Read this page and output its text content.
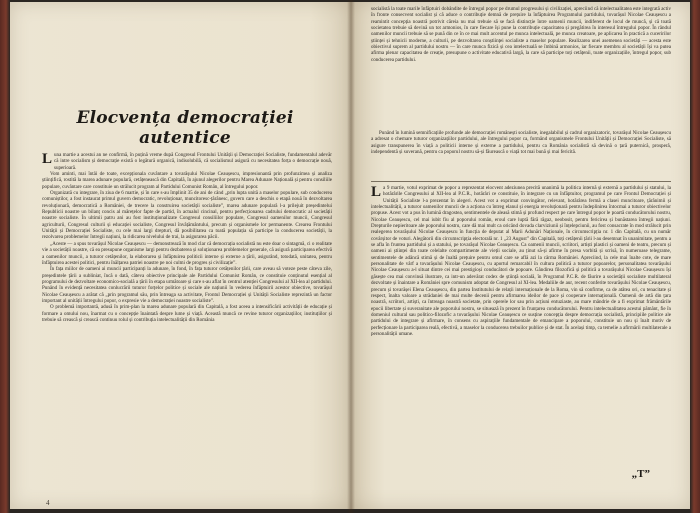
Elocvența democrației autentice

Luna martie a acestui an ne confirmă, în puțină vreme după Congresul Frontului Unității și Democrației Socialiste, fundamentalul adevăr că intre socialism și democrație există o legătură organică, indisolubilă, că socialismul asigură cu necesitatea forța o democrație nouă, superioară.

Vom aminti, mai întâi de toate, excepționala cuvântare a tovarășului Nicolae Ceaușescu, impresionantă prin profunzimea și analiza științifică, rostită la marea adunare populară, cetățenească din Capitală, în ajunul alegerilor pentru Marea Adunare Națională și pentru consiliile populare, cuvântare care constituie un strălucit program al Partidului Comunist Român, al întregului popor.

Organizată cu integrare, în ziua de 6 martie, și în care s-au împlinit 35 de ani de când „prin lupta unită a maselor populare, sub conducerea comuniștilor, a fost instaurat primul guvern democratic, revoluționar, muncitoresc-țărănesc, guvern care a deschis o etapă nouă în dezvoltarea revoluționară, democratică a României, de trecere la construirea societății socialiste”, marea adunare populară l-a prilejuit președintelui Republicii noastre un bilanț concis al mărețelor fapte de partid, în actualul cincinal, pentru perfecționarea cadrului democratic al societății noastre socialiste. În ultimii patru ani au fost instituționalizate Congresul consiliilor populare, Congresul oamenilor muncii, Congresul agriculturii, Congresul culturii și educației socialiste, Congresul învățământului, precum și organismele lor permanente. Crearea Frontului Unității și Democrației Socialiste, cu cele mai largi drepturi, dă posibilitatea ca toată populația să participe la conducerea societății, la rezolvarea problemelor întregii națiuni, la ridicarea nivelului de trai, la asigurarea păcii.

„Aceste — a spus tovarășul Nicolae Ceaușescu — demonstrează în mod clar că democrația socialistă nu este doar o sintagmă, ci o realitate vie a societății noastre, că ea presupune organisme largi pentru dezbaterea și soluționarea problemelor generale, că asigură participarea efectivă a oamenilor muncii, a tuturor cetățenilor, la elaborarea și înfăptuirea politicii interne și externe a țării, asigurând, totodată, unitatea, pentru înfăptuirea acestei politici, pentru înălțarea patriei noastre pe noi culmi de progres și civilizație”.

În fața miilor de oameni ai muncii participanți la adunare, în fond, în fața tuturor cetățenilor țării, care aveau să voteze peste câteva zile, președintele țării a subliniat, încă o dată, câteva obiective principale ale Partidului Comunist Român, ce constituie conținutul esențial al programului de dezvoltare economico-socială a țării în etapa următoare și care s-au aflat în centrul atenției Congresului al XII-lea al partidului. Punând în evidență necesitatea conlucrării tuturor forțelor politice și sociale ale națiunii în vederea înfăptuirii acestor obiective, tovarășul Nicolae Ceaușescu a arătat că „prin programul său, prin întreaga sa activitate, Frontul Democrației și Unității Socialiste reprezintă un factor important al unității întregului popor, o expresie vie a democrației noastre socialiste”.

O problemă importantă, adusă în prim-plan la marea adunare populară din Capitală, a fost aceea a intensificării activității de educație și formare a omului nou, înarmat cu o concepție înaintată despre lume și viață. Această muncă ce revine tuturor organizațiilor, instituțiilor și trebuie să crească și crească continuu rolul și contribuția intelectualității din România

4

socialistă la toate marile înfăptuiri dobândite de întregul popor pe drumul progresului și civilizației, apreciind că intelectualitatea este integrată activ în fronte consecvent socialist și că aduce o contribuție demnă de prețuire la înfăptuirea Programului partidului, tovarășul Nicolae Ceaușescu a reamintit concepția noastră potrivit căreia nu mai trebuie să se facă distincție între oamenii muncii, indiferent de locul de muncă, și că toată societatea trebuie să devină un tot armonios, în care fiecare își pune la contribuție capacitatea și pregătirea în interesul întregului popor. În rândul oamenilor muncii trebuie să se pună din ce în ce mai mult accentul pe munca intelectuală, pe munca creatoare, pe aplicarea în practică a cuceririlor științei și tehnicii moderne, a culturii, pe dezvoltarea conștiinței socialiste a maselor populare. Realizarea unei asemenea societăți — acesta este obiectivul suprem al partidului nostru — în care munca fizică și cea intelectuală se îmbină armonios, iar fiecare membru al societății își va putea afirma plenar capacitatea de creație, presupune o activitate educativă largă, la care să participe toți cetățenii, toate organizațiile, întregul popor, sub conducerea partidului.

Punând în lumină semnificațiile profunde ale democrației românești socialiste, inegalabilul și cadrul organizatoric, tovarășul Nicolae Ceaușescu a adresat o chemare tuturor organizațiilor partidului, ale întregului popor ca, formând organismele Frontului Unității și Democrației Socialiste, să asigure transpunerea în viață a politicii interne și externe a partidului, pentru ca România socialistă să devină o țară puternică, prosperă, independentă și suverană, pentru ca poporul nostru să-și făurească o viață tot mai bună și mai fericită.

La 9 martie, votul exprimat de popor a reprezentat elocvent adeziunea precită unanimă la politica internă și externă a partidului și statului, la hotărârile Congresului al XII-lea al P.C.R., hotărâri ce constituie, în integrare cu un înfăptuitor, programul pe care Frontul Democrației și Unității Socialiste l-a prezentat în alegeri. Acest vot a exprimat convingător, relevant, hotărârea fermă a clasei muncitoare, țărănimii și intelectualității, a tuturor oamenilor muncii de a acționa cu întreg elanul și energia revoluționară pentru îndeplinirea întocmai a tuturor obiectivelor propuse. Acest vot a pus în lumină dragostea, sentimentele de aleasă stimă și profund respect pe care întregul popor le poartă conducătorului nostru, Nicolae Ceaușescu, cel mai iubit fiu al poporului român, eroul care luptă fără răgaz, neobosit, pentru fericirea și bunăstarea întregii națiuni. Drepturile nepieritoare ale poporului nostru, care dă mai mult ca oricând dovada clarviziunii și înțelepciunii, au fost consacrate în mod strălucit prin realegerea tovarășului Nicolae Ceaușescu în funcția de deputat al Marii Adunări Naționale, în circumscripția nr. 1 din Capitală, cu un număr covârșitor de voturi. Alegătorii din circumscripția electorală nr. 1 „23 August” din Capitală, toți cetățenii țării l-au desemnat în unanimitate, pentru a se afla în fruntea partidului și a statului, pe tovarășul Nicolae Ceaușescu. Ca oamenii muncii, scriitori, artiști plastici și oameni de teatru, precum și oameni ai științei din toate celelalte compartimente ale vieții sociale, au ținut să-și afirme în presa vorbită și scrisă, în numeroase telegrame, sentimentele de adâncă stimă și de înaltă prețuire pentru omul care se află azi la cârma României. Apreciind, la cele mai înalte cote, de mare personalitate de vârf a tovarășului Nicolae Ceaușescu, cu aportul remarcabil în cultura politică a tuturor popoarelor, personalitatea tovarășului Nicolae Ceaușescu a-l situat dintre cei mai prestigioși conducători de popoare. Gândirea filozofică și politică a tovarășului Nicolae Ceaușescu își găsește cea mai convinsă ilustrare, ca intr-un adevărat codex de știință socială, în Programul P.C.R. de făurire a societății socialiste multilateral dezvoltate și înaintare a României spre comunism adoptat de Congresul al XI-lea. Medaliile de aur, recent conferite tovarășului Nicolae Ceaușescu, precum și tovarășei Elena Ceaușescu, din partea Institutului de relații internaționale de la Roma, vin să confirme, ca de atâtea ori, cu tenacitate și respect, înalta valoare a strădaniei de mai multe decenii pentru afirmarea ideilor de pace și cooperare internațională. Oamenii de artă din țara noastră, scriitori, artiști, ca întreaga noastră societate, prin operele lor sau prin acțiuni entuziaste, au mare mândrie de a fi exprimat frământările epocii libertate și suveranitate ale poporului nostru, se situează în prezent în frunțarea conducătorului. Pentru intelectualitatea acestui pământ, fie în domeniul cultural sau politico-filozofic a tovarășului Nicolae Ceaușescu ce susține concepția despre democrația socialistă, principiile politice ale partidului de integrare și afirmare, în consens cu aspirațiile fundamentale de emancipare a poporului, constituie un nou și înalt motiv de perfecționare la participarea reală, efectivă, a maselor la conducerea trebuilor publice și de stat. În același timp, ca temelie a afirmării multilaterale a personalității umane.

„T”
